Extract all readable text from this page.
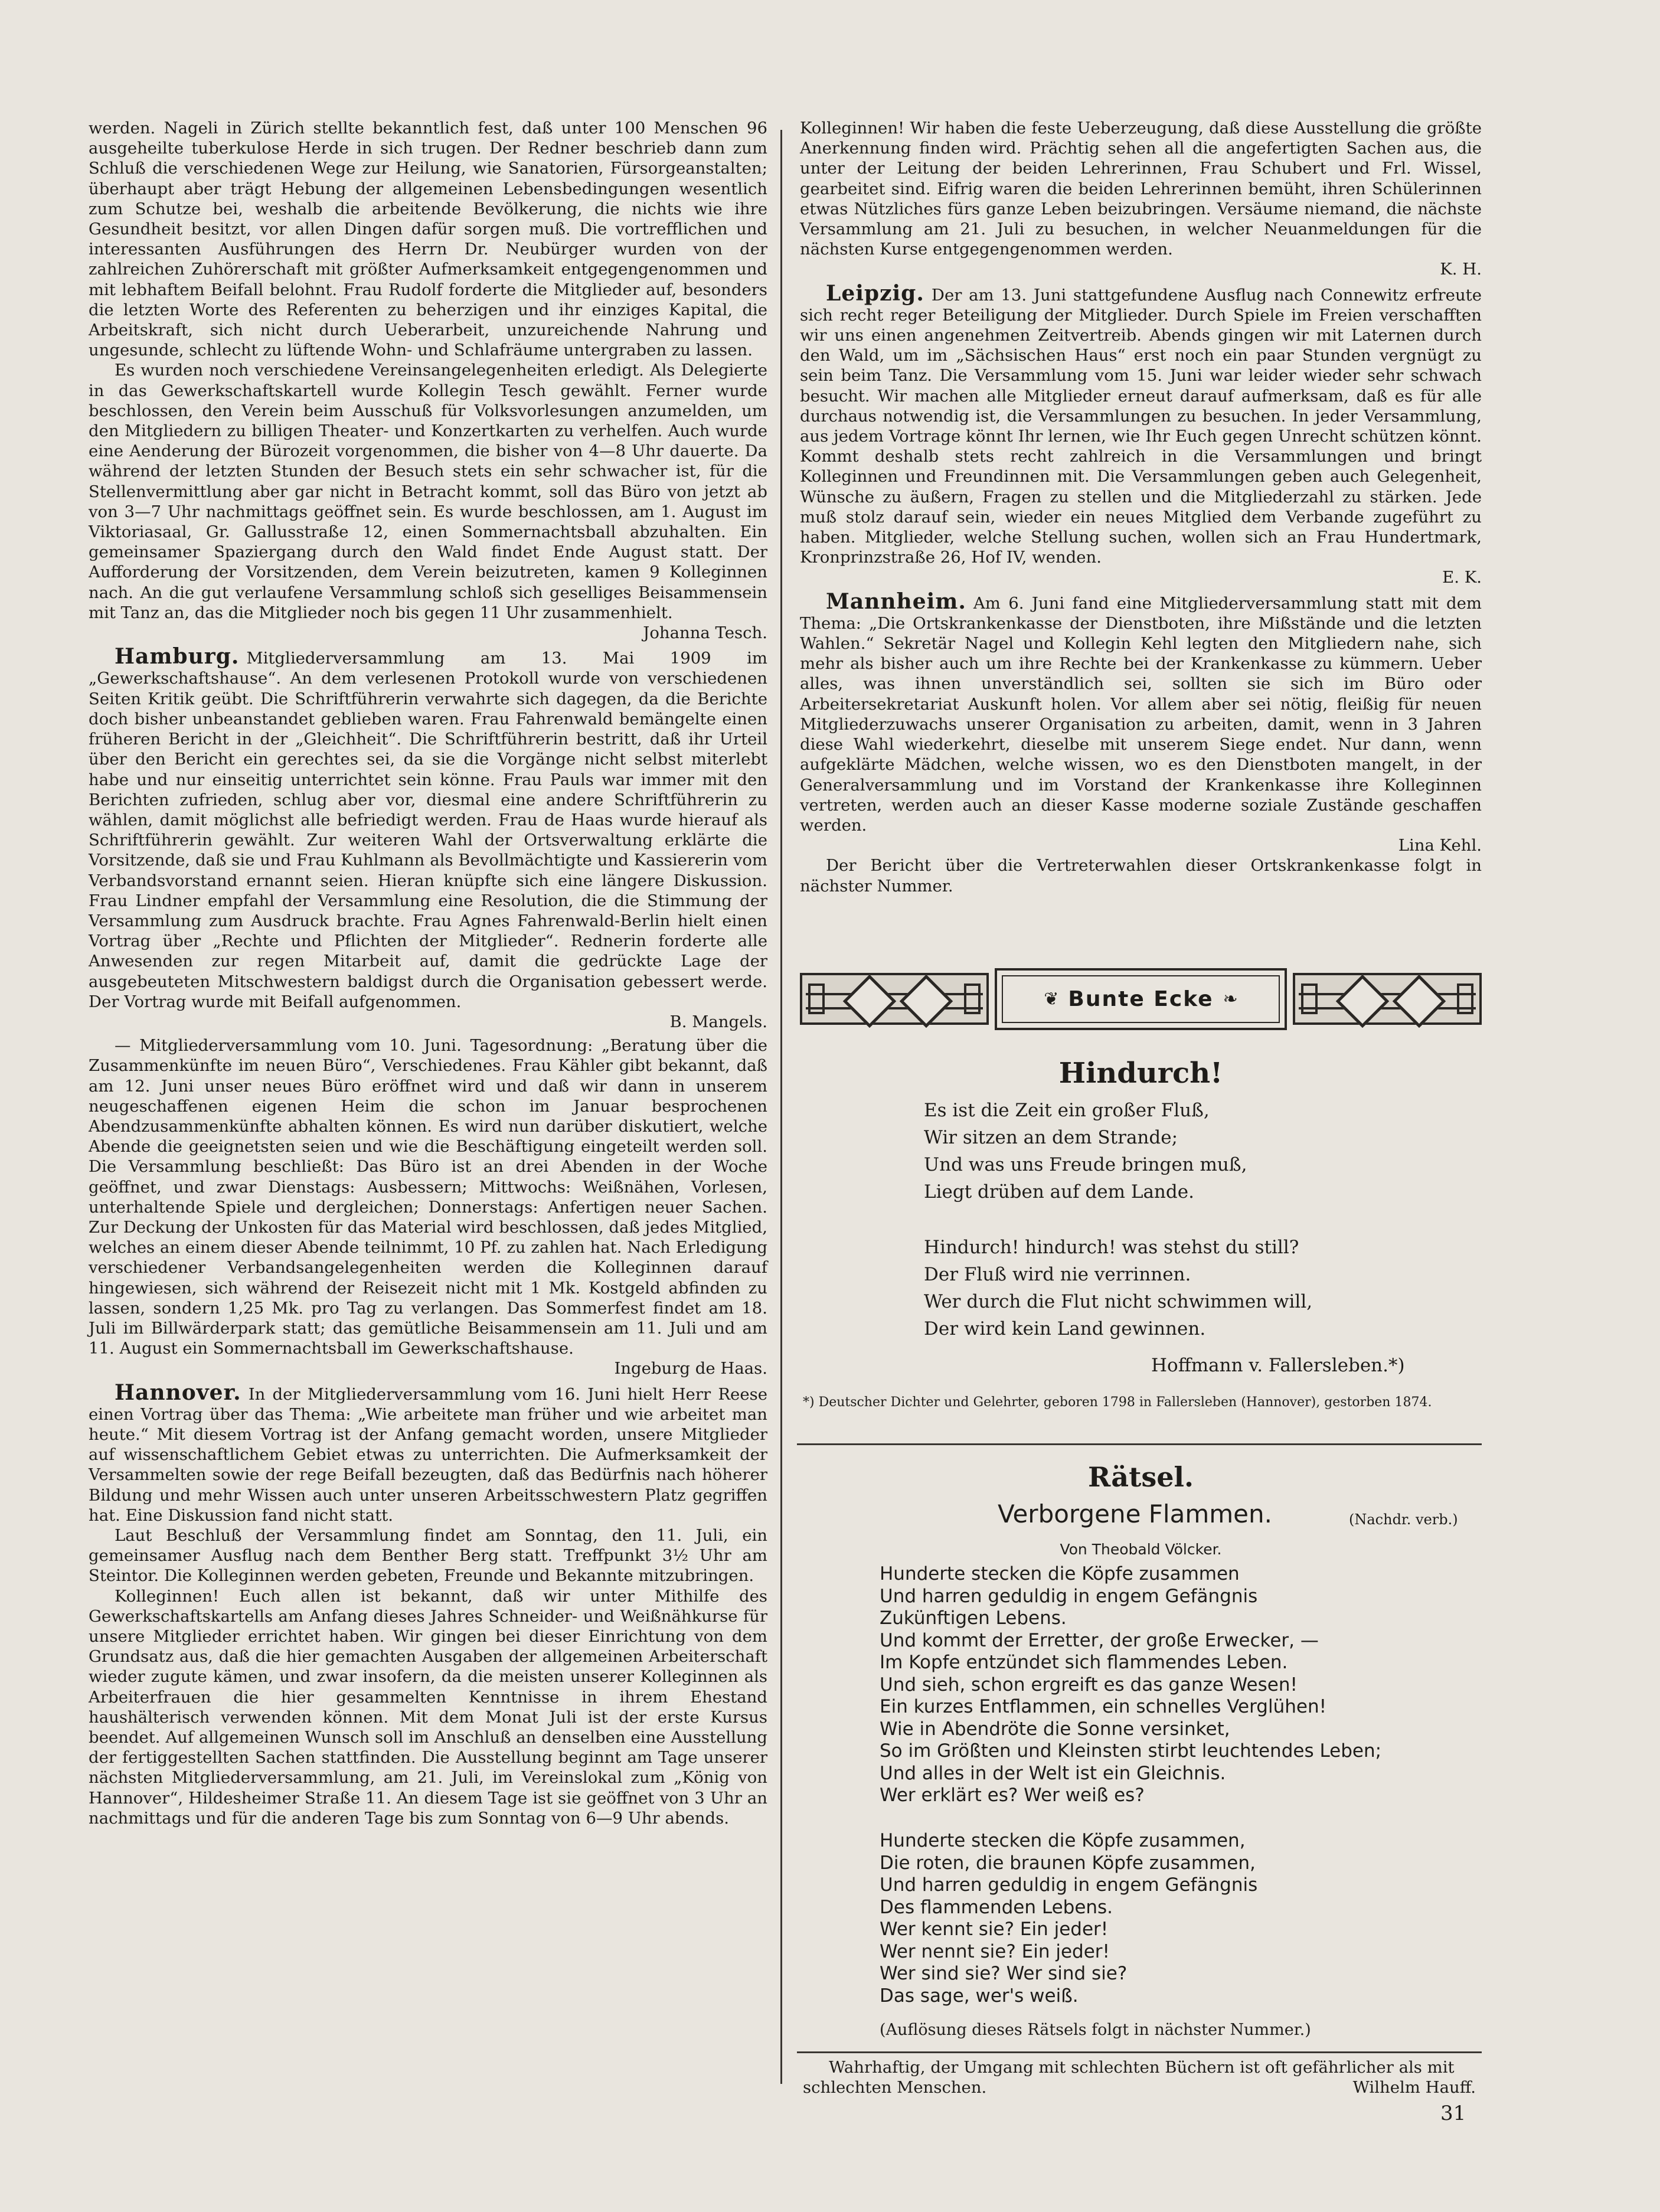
werden. Nageli in Zürich stellte bekanntlich fest, daß unter 100 Menschen 96 ausgeheilte tuberkulose Herde in sich trugen. Der Redner beschrieb dann zum Schluß die verschiedenen Wege zur Heilung, wie Sanatorien, Fürsorgeanstalten; überhaupt aber trägt Hebung der allgemeinen Lebensbedingungen wesentlich zum Schutze bei, weshalb die arbeitende Bevölkerung, die nichts wie ihre Gesundheit besitzt, vor allen Dingen dafür sorgen muß. Die vortrefflichen und interessanten Ausführungen des Herrn Dr. Neubürger wurden von der zahlreichen Zuhörerschaft mit größter Aufmerksamkeit entgegengenommen und mit lebhaftem Beifall belohnt. Frau Rudolf forderte die Mitglieder auf, besonders die letzten Worte des Referenten zu beherzigen und ihr einziges Kapital, die Arbeitskraft, sich nicht durch Ueberarbeit, unzureichende Nahrung und ungesunde, schlecht zu lüftende Wohn- und Schlafräume untergraben zu lassen.

Es wurden noch verschiedene Vereinsangelegenheiten erledigt. Als Delegierte in das Gewerkschaftskartell wurde Kollegin Tesch gewählt. Ferner wurde beschlossen, den Verein beim Ausschuß für Volksvorlesungen anzumelden, um den Mitgliedern zu billigen Theater- und Konzertkarten zu verhelfen. Auch wurde eine Aenderung der Bürozeit vorgenommen, die bisher von 4—8 Uhr dauerte. Da während der letzten Stunden der Besuch stets ein sehr schwacher ist, für die Stellenvermittlung aber gar nicht in Betracht kommt, soll das Büro von jetzt ab von 3—7 Uhr nachmittags geöffnet sein. Es wurde beschlossen, am 1. August im Viktoriasaal, Gr. Gallusstraße 12, einen Sommernachtsball abzuhalten. Ein gemeinsamer Spaziergang durch den Wald findet Ende August statt. Der Aufforderung der Vorsitzenden, dem Verein beizutreten, kamen 9 Kolleginnen nach. An die gut verlaufene Versammlung schloß sich geselliges Beisammensein mit Tanz an, das die Mitglieder noch bis gegen 11 Uhr zusammenhielt.

Johanna Tesch.

Hamburg. Mitgliederversammlung am 13. Mai 1909 im „Gewerkschaftshause“. An dem verlesenen Protokoll wurde von verschiedenen Seiten Kritik geübt. Die Schriftführerin verwahrte sich dagegen, da die Berichte doch bisher unbeanstandet geblieben waren. Frau Fahrenwald bemängelte einen früheren Bericht in der „Gleichheit“. Die Schriftführerin bestritt, daß ihr Urteil über den Bericht ein gerechtes sei, da sie die Vorgänge nicht selbst miterlebt habe und nur einseitig unterrichtet sein könne. Frau Pauls war immer mit den Berichten zufrieden, schlug aber vor, diesmal eine andere Schriftführerin zu wählen, damit möglichst alle befriedigt werden. Frau de Haas wurde hierauf als Schriftführerin gewählt. Zur weiteren Wahl der Ortsverwaltung erklärte die Vorsitzende, daß sie und Frau Kuhlmann als Bevollmächtigte und Kassiererin vom Verbandsvorstand ernannt seien. Hieran knüpfte sich eine längere Diskussion. Frau Lindner empfahl der Versammlung eine Resolution, die die Stimmung der Versammlung zum Ausdruck brachte. Frau Agnes Fahrenwald-Berlin hielt einen Vortrag über „Rechte und Pflichten der Mitglieder“. Rednerin forderte alle Anwesenden zur regen Mitarbeit auf, damit die gedrückte Lage der ausgebeuteten Mitschwestern baldigst durch die Organisation gebessert werde. Der Vortrag wurde mit Beifall aufgenommen.

B. Mangels.

— Mitgliederversammlung vom 10. Juni. Tagesordnung: „Beratung über die Zusammenkünfte im neuen Büro“, Verschiedenes. Frau Kähler gibt bekannt, daß am 12. Juni unser neues Büro eröffnet wird und daß wir dann in unserem neugeschaffenen eigenen Heim die schon im Januar besprochenen Abendzusammenkünfte abhalten können. Es wird nun darüber diskutiert, welche Abende die geeignetsten seien und wie die Beschäftigung eingeteilt werden soll. Die Versammlung beschließt: Das Büro ist an drei Abenden in der Woche geöffnet, und zwar Dienstags: Ausbessern; Mittwochs: Weißnähen, Vorlesen, unterhaltende Spiele und dergleichen; Donnerstags: Anfertigen neuer Sachen. Zur Deckung der Unkosten für das Material wird beschlossen, daß jedes Mitglied, welches an einem dieser Abende teilnimmt, 10 Pf. zu zahlen hat. Nach Erledigung verschiedener Verbandsangelegenheiten werden die Kolleginnen darauf hingewiesen, sich während der Reisezeit nicht mit 1 Mk. Kostgeld abfinden zu lassen, sondern 1,25 Mk. pro Tag zu verlangen. Das Sommerfest findet am 18. Juli im Billwärderpark statt; das gemütliche Beisammensein am 11. Juli und am 11. August ein Sommernachtsball im Gewerkschaftshause.

Ingeburg de Haas.

Hannover. In der Mitgliederversammlung vom 16. Juni hielt Herr Reese einen Vortrag über das Thema: „Wie arbeitete man früher und wie arbeitet man heute.“ Mit diesem Vortrag ist der Anfang gemacht worden, unsere Mitglieder auf wissenschaftlichem Gebiet etwas zu unterrichten. Die Aufmerksamkeit der Versammelten sowie der rege Beifall bezeugten, daß das Bedürfnis nach höherer Bildung und mehr Wissen auch unter unseren Arbeitsschwestern Platz gegriffen hat. Eine Diskussion fand nicht statt.

Laut Beschluß der Versammlung findet am Sonntag, den 11. Juli, ein gemeinsamer Ausflug nach dem Benther Berg statt. Treffpunkt 3½ Uhr am Steintor. Die Kolleginnen werden gebeten, Freunde und Bekannte mitzubringen.

Kolleginnen! Euch allen ist bekannt, daß wir unter Mithilfe des Gewerkschaftskartells am Anfang dieses Jahres Schneider- und Weißnähkurse für unsere Mitglieder errichtet haben. Wir gingen bei dieser Einrichtung von dem Grundsatz aus, daß die hier gemachten Ausgaben der allgemeinen Arbeiterschaft wieder zugute kämen, und zwar insofern, da die meisten unserer Kolleginnen als Arbeiterfrauen die hier gesammelten Kenntnisse in ihrem Ehestand haushälterisch verwenden können. Mit dem Monat Juli ist der erste Kursus beendet. Auf allgemeinen Wunsch soll im Anschluß an denselben eine Ausstellung der fertiggestellten Sachen stattfinden. Die Ausstellung beginnt am Tage unserer nächsten Mitgliederversammlung, am 21. Juli, im Vereinslokal zum „König von Hannover“, Hildesheimer Straße 11. An diesem Tage ist sie geöffnet von 3 Uhr an nachmittags und für die anderen Tage bis zum Sonntag von 6—9 Uhr abends.

Kolleginnen! Wir haben die feste Ueberzeugung, daß diese Ausstellung die größte Anerkennung finden wird. Prächtig sehen all die angefertigten Sachen aus, die unter der Leitung der beiden Lehrerinnen, Frau Schubert und Frl. Wissel, gearbeitet sind. Eifrig waren die beiden Lehrerinnen bemüht, ihren Schülerinnen etwas Nützliches fürs ganze Leben beizubringen. Versäume niemand, die nächste Versammlung am 21. Juli zu besuchen, in welcher Neuanmeldungen für die nächsten Kurse entgegengenommen werden.

K. H.

Leipzig. Der am 13. Juni stattgefundene Ausflug nach Connewitz erfreute sich recht reger Beteiligung der Mitglieder. Durch Spiele im Freien verschafften wir uns einen angenehmen Zeitvertreib. Abends gingen wir mit Laternen durch den Wald, um im „Sächsischen Haus“ erst noch ein paar Stunden vergnügt zu sein beim Tanz. Die Versammlung vom 15. Juni war leider wieder sehr schwach besucht. Wir machen alle Mitglieder erneut darauf aufmerksam, daß es für alle durchaus notwendig ist, die Versammlungen zu besuchen. In jeder Versammlung, aus jedem Vortrage könnt Ihr lernen, wie Ihr Euch gegen Unrecht schützen könnt. Kommt deshalb stets recht zahlreich in die Versammlungen und bringt Kolleginnen und Freundinnen mit. Die Versammlungen geben auch Gelegenheit, Wünsche zu äußern, Fragen zu stellen und die Mitgliederzahl zu stärken. Jede muß stolz darauf sein, wieder ein neues Mitglied dem Verbande zugeführt zu haben. Mitglieder, welche Stellung suchen, wollen sich an Frau Hundertmark, Kronprinzstraße 26, Hof IV, wenden.

E. K.

Mannheim. Am 6. Juni fand eine Mitgliederversammlung statt mit dem Thema: „Die Ortskrankenkasse der Dienstboten, ihre Mißstände und die letzten Wahlen.“ Sekretär Nagel und Kollegin Kehl legten den Mitgliedern nahe, sich mehr als bisher auch um ihre Rechte bei der Krankenkasse zu kümmern. Ueber alles, was ihnen unverständlich sei, sollten sie sich im Büro oder Arbeitersekretariat Auskunft holen. Vor allem aber sei nötig, fleißig für neuen Mitgliederzuwachs unserer Organisation zu arbeiten, damit, wenn in 3 Jahren diese Wahl wiederkehrt, dieselbe mit unserem Siege endet. Nur dann, wenn aufgeklärte Mädchen, welche wissen, wo es den Dienstboten mangelt, in der Generalversammlung und im Vorstand der Krankenkasse ihre Kolleginnen vertreten, werden auch an dieser Kasse moderne soziale Zustände geschaffen werden.

Lina Kehl.

Der Bericht über die Vertreterwahlen dieser Ortskrankenkasse folgt in nächster Nummer.

❦ Bunte Ecke ❧
Hindurch!
Es ist die Zeit ein großer Fluß,
Wir sitzen an dem Strande;
Und was uns Freude bringen muß,
Liegt drüben auf dem Lande.
Hindurch! hindurch! was stehst du still?
Der Fluß wird nie verrinnen.
Wer durch die Flut nicht schwimmen will,
Der wird kein Land gewinnen.
Hoffmann v. Fallersleben.*)
*) Deutscher Dichter und Gelehrter, geboren 1798 in Fallersleben (Hannover), gestorben 1874.
Rätsel.
Verborgene Flammen.	(Nachdr. verb.)
Von Theobald Völcker.
Hunderte stecken die Köpfe zusammen
Und harren geduldig in engem Gefängnis
Zukünftigen Lebens.
Und kommt der Erretter, der große Erwecker, —
Im Kopfe entzündet sich flammendes Leben.
Und sieh, schon ergreift es das ganze Wesen!
Ein kurzes Entflammen, ein schnelles Verglühen!
Wie in Abendröte die Sonne versinket,
So im Größten und Kleinsten stirbt leuchtendes Leben;
Und alles in der Welt ist ein Gleichnis.
Wer erklärt es? Wer weiß es?
Hunderte stecken die Köpfe zusammen,
Die roten, die braunen Köpfe zusammen,
Und harren geduldig in engem Gefängnis
Des flammenden Lebens.
Wer kennt sie? Ein jeder!
Wer nennt sie? Ein jeder!
Wer sind sie? Wer sind sie?
Das sage, wer's weiß.
(Auflösung dieses Rätsels folgt in nächster Nummer.)
Wahrhaftig, der Umgang mit schlechten Büchern ist oft gefährlicher als mit schlechten Menschen.	Wilhelm Hauff.
31
